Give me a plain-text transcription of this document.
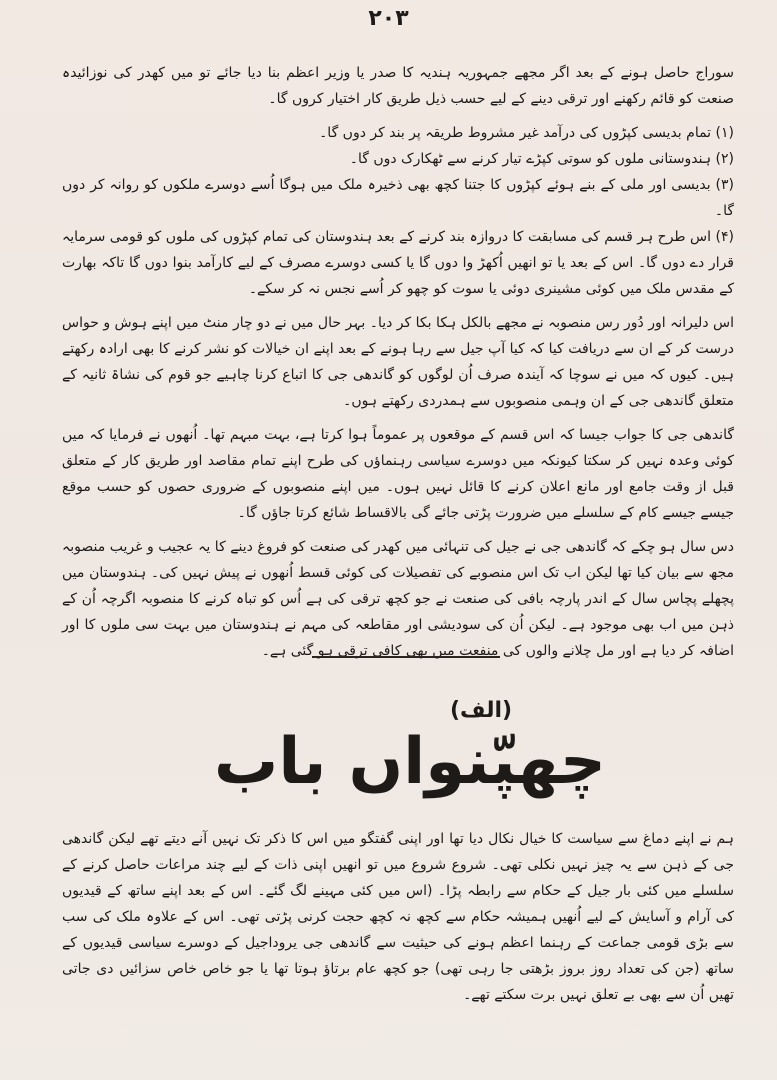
۲۰۳

سوراج حاصل ہونے کے بعد اگر مجھے جمہوریہ ہندیہ کا صدر یا وزیر اعظم بنا دیا جائے تو میں کھدر کی نوزائیدہ صنعت کو قائم رکھنے اور ترقی دینے کے لیے حسب ذیل طریق کار اختیار کروں گا۔

(۱) تمام بدیسی کپڑوں کی درآمد غیر مشروط طریقہ پر بند کر دوں گا۔

(۲) ہندوستانی ملوں کو سوتی کپڑے تیار کرنے سے ٹھکارک دوں گا۔

(۳) بدیسی اور ملی کے بنے ہوئے کپڑوں کا جتنا کچھ بھی ذخیرہ ملک میں ہوگا اُسے دوسرے ملکوں کو روانہ کر دوں گا۔

(۴) اس طرح ہر قسم کی مسابقت کا دروازہ بند کرنے کے بعد ہندوستان کی تمام کپڑوں کی ملوں کو قومی سرمایہ قرار دے دوں گا۔ اس کے بعد یا تو انھیں اُکھڑ وا دوں گا یا کسی دوسرے مصرف کے لیے کارآمد بنوا دوں گا تاکہ بھارت کے مقدس ملک میں کوئی مشینری دوئی یا سوت کو چھو کر اُسے نجس نہ کر سکے۔

اس دلیرانہ اور دُور رس منصوبہ نے مجھے بالکل ہکا بکا کر دیا۔ بہر حال میں نے دو چار منٹ میں اپنے ہوش و حواس درست کر کے ان سے دریافت کیا کہ کیا آپ جیل سے رہا ہونے کے بعد اپنے ان خیالات کو نشر کرنے کا بھی ارادہ رکھتے ہیں۔ کیوں کہ میں نے سوچا کہ آیندہ صرف اُن لوگوں کو گاندھی جی کا اتباع کرنا چاہیے جو قوم کی نشاۃ ثانیہ کے متعلق گاندھی جی کے ان وہمی منصوبوں سے ہمدردی رکھتے ہوں۔

گاندھی جی کا جواب جیسا کہ اس قسم کے موقعوں پر عموماً ہوا کرتا ہے، بہت مبہم تھا۔ اُنھوں نے فرمایا کہ میں کوئی وعدہ نہیں کر سکتا کیونکہ میں دوسرے سیاسی رہنماؤں کی طرح اپنے تمام مقاصد اور طریق کار کے متعلق قبل از وقت جامع اور مانع اعلان کرنے کا قائل نہیں ہوں۔ میں اپنے منصوبوں کے ضروری حصوں کو حسب موقع جیسے جیسے کام کے سلسلے میں ضرورت پڑتی جائے گی بالاقساط شائع کرتا جاؤں گا۔

دس سال ہو چکے کہ گاندھی جی نے جیل کی تنہائی میں کھدر کی صنعت کو فروغ دینے کا یہ عجیب و غریب منصوبہ مجھ سے بیان کیا تھا لیکن اب تک اس منصوبے کی تفصیلات کی کوئی قسط اُنھوں نے پیش نہیں کی۔ ہندوستان میں پچھلے پچاس سال کے اندر پارچہ بافی کی صنعت نے جو کچھ ترقی کی ہے اُس کو تباہ کرنے کا منصوبہ اگرچہ اُن کے ذہن میں اب بھی موجود ہے۔ لیکن اُن کی سودیشی اور مقاطعہ کی مہم نے ہندوستان میں بہت سی ملوں کا اور اضافہ کر دیا ہے اور مل چلانے والوں کی منفعت میں بھی کافی ترقی ہو گئی ہے۔

(الف)
چھپّنواں باب

ہم نے اپنے دماغ سے سیاست کا خیال نکال دیا تھا اور اپنی گفتگو میں اس کا ذکر تک نہیں آنے دیتے تھے لیکن گاندھی جی کے ذہن سے یہ چیز نہیں نکلی تھی۔ شروع شروع میں تو انھیں اپنی ذات کے لیے چند مراعات حاصل کرنے کے سلسلے میں کئی بار جیل کے حکام سے رابطہ پڑا۔ (اس میں کئی مہینے لگ گئے۔ اس کے بعد اپنے ساتھ کے قیدیوں کی آرام و آسایش کے لیے اُنھیں ہمیشہ حکام سے کچھ نہ کچھ حجت کرنی پڑتی تھی۔ اس کے علاوہ ملک کی سب سے بڑی قومی جماعت کے رہنما اعظم ہونے کی حیثیت سے گاندھی جی یروداجیل کے دوسرے سیاسی قیدیوں کے ساتھ (جن کی تعداد روز بروز بڑھتی جا رہی تھی) جو کچھ عام برتاؤ ہوتا تھا یا جو خاص خاص سزائیں دی جاتی تھیں اُن سے بھی بے تعلق نہیں برت سکتے تھے۔
